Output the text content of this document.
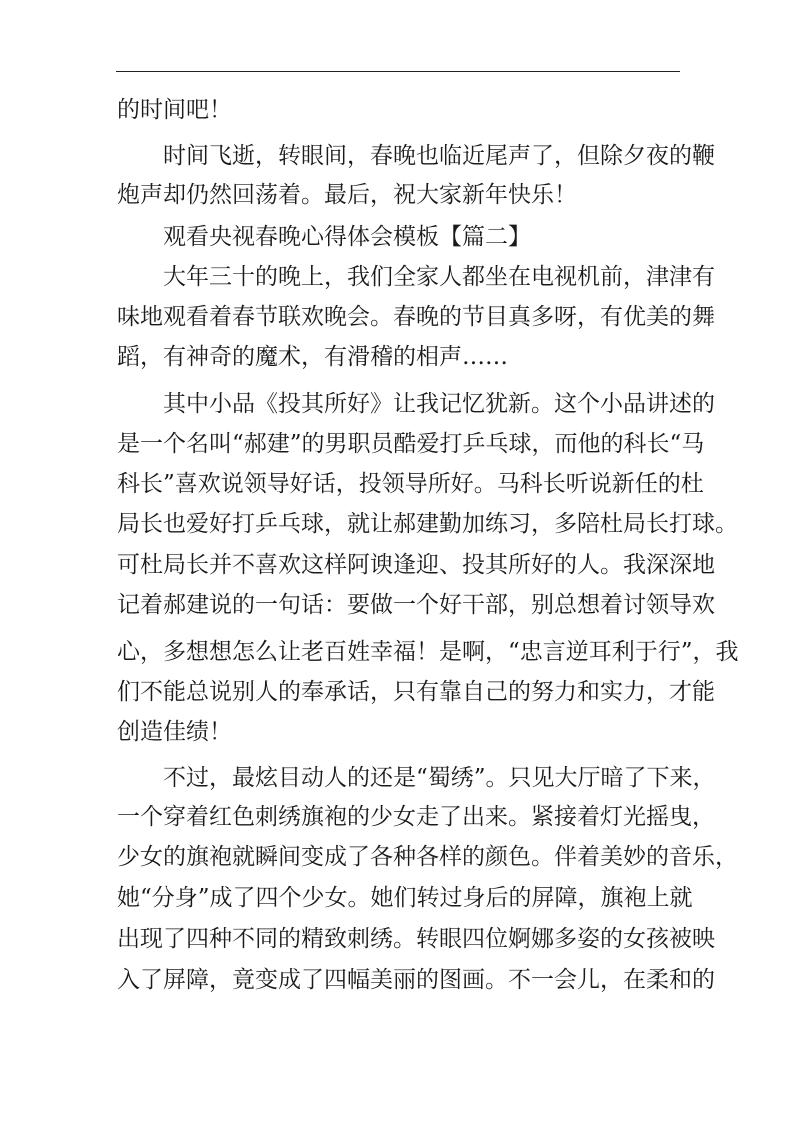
的时间吧！
时间飞逝，转眼间，春晚也临近尾声了，但除夕夜的鞭
炮声却仍然回荡着。最后，祝大家新年快乐！
观看央视春晚心得体会模板【篇二】
大年三十的晚上，我们全家人都坐在电视机前，津津有
味地观看着春节联欢晚会。春晚的节目真多呀，有优美的舞
蹈，有神奇的魔术，有滑稽的相声……
其中小品《投其所好》让我记忆犹新。这个小品讲述的
是一个名叫“郝建”的男职员酷爱打乒乓球，而他的科长“马
科长”喜欢说领导好话，投领导所好。马科长听说新任的杜
局长也爱好打乒乓球，就让郝建勤加练习，多陪杜局长打球。
可杜局长并不喜欢这样阿谀逢迎、投其所好的人。我深深地
记着郝建说的一句话：要做一个好干部，别总想着讨领导欢
心，多想想怎么让老百姓幸福！是啊，“忠言逆耳利于行”，我
们不能总说别人的奉承话，只有靠自己的努力和实力，才能
创造佳绩！
不过，最炫目动人的还是“蜀绣”。只见大厅暗了下来，
一个穿着红色刺绣旗袍的少女走了出来。紧接着灯光摇曳，
少女的旗袍就瞬间变成了各种各样的颜色。伴着美妙的音乐，
她“分身”成了四个少女。她们转过身后的屏障，旗袍上就
出现了四种不同的精致刺绣。转眼四位婀娜多姿的女孩被映
入了屏障，竟变成了四幅美丽的图画。不一会儿，在柔和的
